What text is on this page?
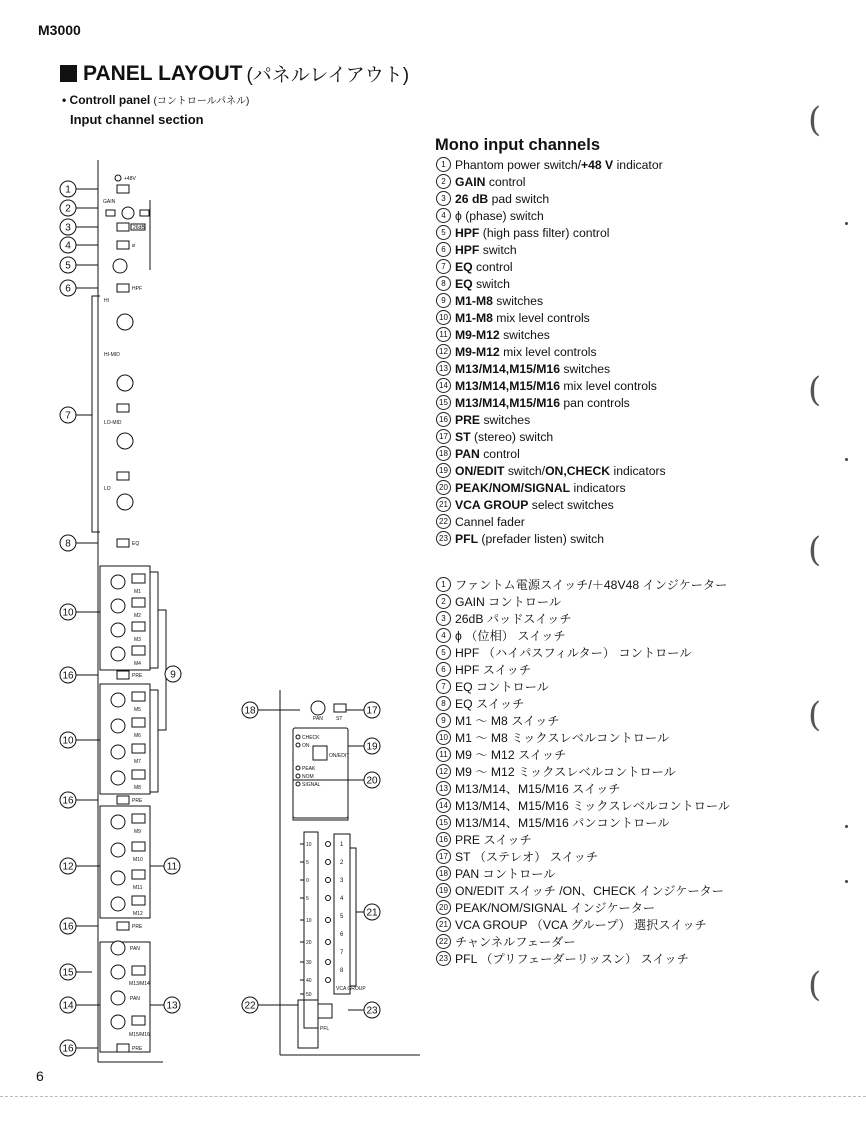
M3000
PANEL LAYOUT (パネルレイアウト)
• Controll panel (コントロールパネル)
Input channel section
Mono input channels
1 Phantom power switch/ +48 V indicator
2 GAIN control
3 26 dB pad switch
4 ϕ (phase) switch
5 HPF (high pass filter) control
6 HPF switch
7 EQ control
8 EQ switch
9 M1-M8 switches
10 M1-M8 mix level controls
11 M9-M12 switches
12 M9-M12 mix level controls
13 M13/M14,M15/M16 switches
14 M13/M14,M15/M16 mix level controls
15 M13/M14,M15/M16 pan controls
16 PRE switches
17 ST (stereo) switch
18 PAN control
19 ON/EDIT switch/ ON,CHECK indicators
20 PEAK/NOM/SIGNAL indicators
21 VCA GROUP select switches
22 Cannel fader
23 PFL (prefader listen) switch
1 ファントム電源スイッチ/＋48V48 インジケーター
2 GAIN コントロール
3 26dB パッドスイッチ
4 ϕ （位相） スイッチ
5 HPF （ハイパスフィルター） コントロール
6 HPF スイッチ
7 EQ コントロール
8 EQ スイッチ
9 M1 ～ M8 スイッチ
10 M1 ～ M8 ミックスレベルコントロール
11 M9 ～ M12 スイッチ
12 M9 ～ M12 ミックスレベルコントロール
13 M13/M14、M15/M16 スイッチ
14 M13/M14、M15/M16 ミックスレベルコントロール
15 M13/M14、M15/M16 パンコントロール
16 PRE スイッチ
17 ST （ステレオ） スイッチ
18 PAN コントロール
19 ON/EDIT スイッチ /ON、CHECK インジケーター
20 PEAK/NOM/SIGNAL インジケーター
21 VCA GROUP （VCA グループ） 選択スイッチ
22 チャンネルフェーダー
23 PFL （プリフェーダーリッスン） スイッチ
(
(
(
(
(
+48V
GAIN
26dB
ø
HPF
HI
HI-MID
LO-MID
LO
EQ
M1
M2
M3
M4
PRE
M5
M6
M7
M8
PRE
M9
M10
M11
M12
PRE
PAN
M13/M14
PAN
M15/M16
PRE
PAN	ST
CHECK
ON
ON/EDIT
PEAK
NOM
SIGNAL
VCA GROUP
PFL
1
2
3
4
5
6
7
8
10
5
0
5
10
20
30
40
50
1
2
3
4
5
6
7
8
9
10
10
11
12
13
14
15
16
16
16
16
17
18
19
20
21
22	23
6
